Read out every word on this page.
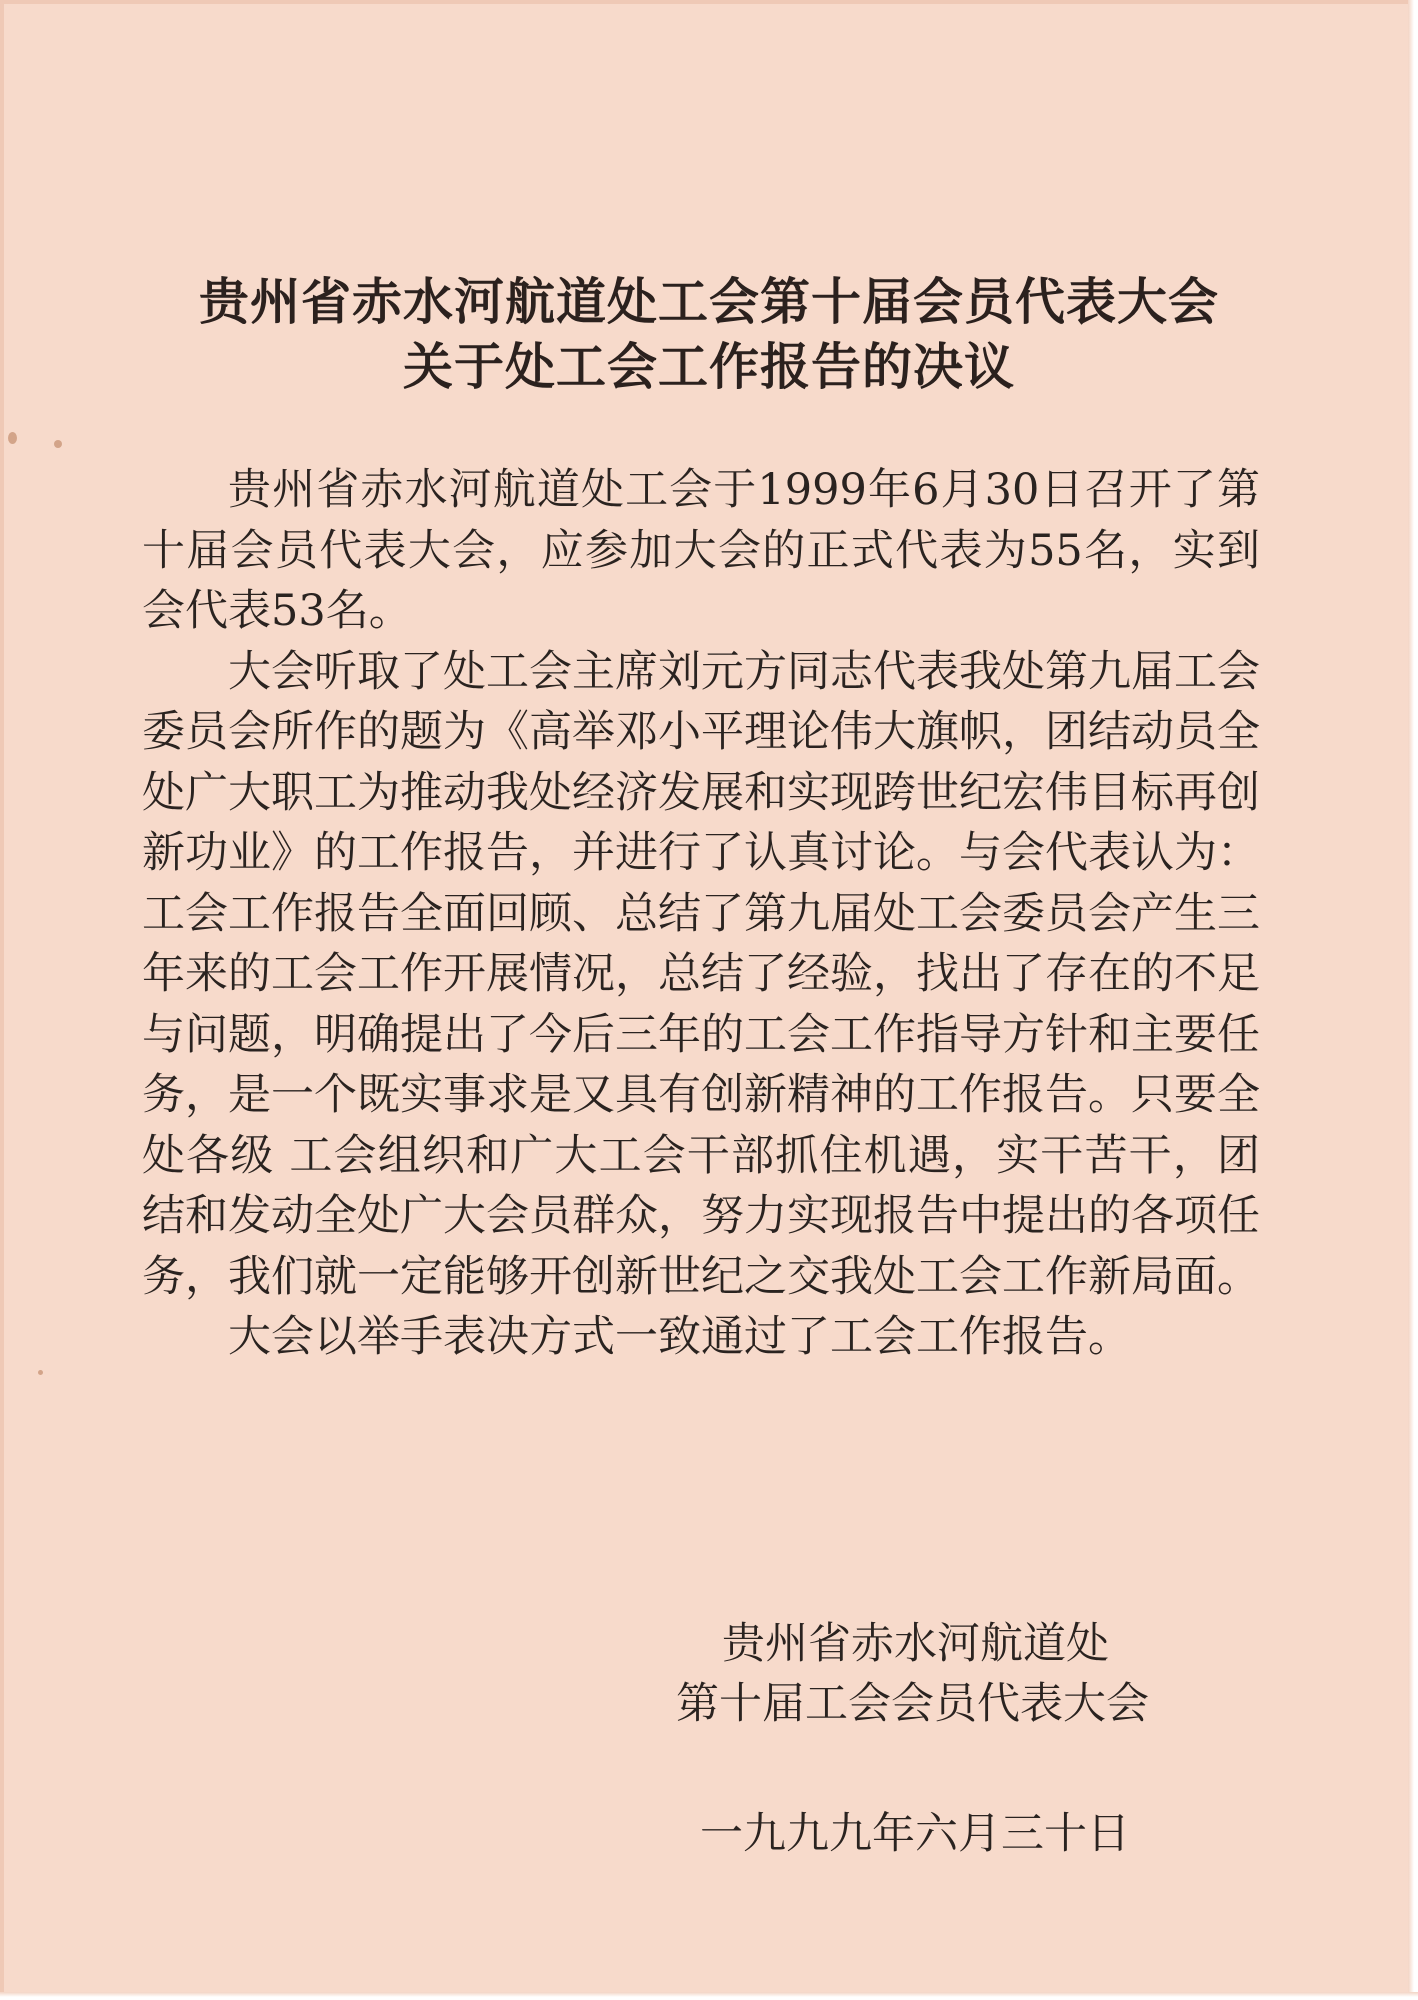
贵州省赤水河航道处工会第十届会员代表大会
关于处工会工作报告的决议

贵州省赤水河航道处工会于1999年6月30日召开了第十届会员代表大会，应参加大会的正式代表为55名，实到会代表53名。

大会听取了处工会主席刘元方同志代表我处第九届工会委员会所作的题为《高举邓小平理论伟大旗帜，团结动员全处广大职工为推动我处经济发展和实现跨世纪宏伟目标再创新功业》的工作报告，并进行了认真讨论。与会代表认为：工会工作报告全面回顾、总结了第九届处工会委员会产生三年来的工会工作开展情况，总结了经验，找出了存在的不足与问题，明确提出了今后三年的工会工作指导方针和主要任务，是一个既实事求是又具有创新精神的工作报告。只要全处各级 工会组织和广大工会干部抓住机遇，实干苦干，团结和发动全处广大会员群众，努力实现报告中提出的各项任务，我们就一定能够开创新世纪之交我处工会工作新局面。

大会以举手表决方式一致通过了工会工作报告。

贵州省赤水河航道处
第十届工会会员代表大会
一九九九年六月三十日
